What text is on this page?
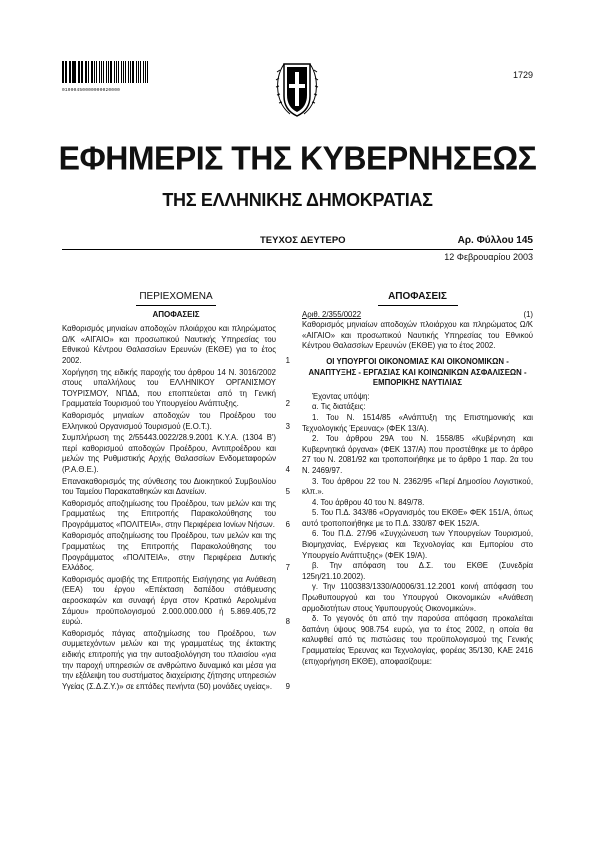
01000450000000020000
1729
ΕΦΗΜΕΡΙΣ ΤΗΣ ΚΥΒΕΡΝΗΣΕΩΣ
ΤΗΣ ΕΛΛΗΝΙΚΗΣ ΔΗΜΟΚΡΑΤΙΑΣ
ΤΕΥΧΟΣ ΔΕΥΤΕΡΟ	Αρ. Φύλλου 145
12 Φεβρουαρίου 2003
ΠΕΡΙΕΧΟΜΕΝΑ
ΑΠΟΦΑΣΕΙΣ
Καθορισμός μηνιαίων αποδοχών πλοιάρχου και πληρώματος Ω/Κ «ΑΙΓΑΙΟ» και προσωπικού Ναυτικής Υπηρεσίας του Εθνικού Κέντρου Θαλασσίων Ερευνών (ΕΚΘΕ) για το έτος 2002.	1
Χορήγηση της ειδικής παροχής του άρθρου 14 Ν. 3016/2002 στους υπαλλήλους του ΕΛΛΗΝΙΚΟΥ ΟΡΓΑΝΙΣΜΟΥ ΤΟΥΡΙΣΜΟΥ, ΝΠΔΔ, που εποπτεύεται από τη Γενική Γραμματεία Τουρισμού του Υπουργείου Ανάπτυξης.	2
Καθορισμός μηνιαίων αποδοχών του Προέδρου του Ελληνικού Οργανισμού Τουρισμού (Ε.Ο.Τ.).	3
Συμπλήρωση της 2/55443.0022/28.9.2001 Κ.Υ.Α. (1304 Β') περί καθορισμού αποδοχών Προέδρου, Αντιπροέδρου και μελών της Ρυθμιστικής Αρχής Θαλασσίων Ενδομεταφορών (Ρ.Α.Θ.Ε.).	4
Επανακαθορισμός της σύνθεσης του Διοικητικού Συμβουλίου του Ταμείου Παρακαταθηκών και Δανείων.	5
Καθορισμός αποζημίωσης του Προέδρου, των μελών και της Γραμματέως της Επιτροπής Παρακολούθησης του Προγράμματος «ΠΟΛΙΤΕΙΑ», στην Περιφέρεια Ιονίων Νήσων.	6
Καθορισμός αποζημίωσης του Προέδρου, των μελών και της Γραμματέως της Επιτροπής Παρακολούθησης του Προγράμματος «ΠΟΛΙΤΕΙΑ», στην Περιφέρεια Δυτικής Ελλάδος.	7
Καθορισμός αμοιβής της Επιτροπής Εισήγησης για Ανάθεση (ΕΕΑ) του έργου «Επέκταση δαπέδου στάθμευσης αεροσκαφών και συναφή έργα στον Κρατικό Αερολιμένα Σάμου» προϋπολογισμού 2.000.000.000 ή 5.869.405,72 ευρώ.	8
Καθορισμός πάγιας αποζημίωσης του Προέδρου, των συμμετεχόντων μελών και της γραμματέως της έκτακτης ειδικής επιτροπής για την αυτοαξιολόγηση του πλαισίου «για την παροχή υπηρεσιών σε ανθρώπινο δυναμικό και μέσα για την εξάλειψη του συστήματος διαχείρισης ζήτησης υπηρεσιών Υγείας (Σ.Δ.Ζ.Υ.)» σε επτάδες πενήντα (50) μονάδες υγείας».	9
ΑΠΟΦΑΣΕΙΣ
Αριθ. 2/355/0022	(1)

Καθορισμός μηνιαίων αποδοχών πλοιάρχου και πληρώματος Ω/Κ «ΑΙΓΑΙΟ» και προσωπικού Ναυτικής Υπηρεσίας του Εθνικού Κέντρου Θαλασσίων Ερευνών (ΕΚΘΕ) για το έτος 2002.

ΟΙ ΥΠΟΥΡΓΟΙ ΟΙΚΟΝΟΜΙΑΣ ΚΑΙ ΟΙΚΟΝΟΜΙΚΩΝ - ΑΝΑΠΤΥΞΗΣ - ΕΡΓΑΣΙΑΣ ΚΑΙ ΚΟΙΝΩΝΙΚΩΝ ΑΣΦΑΛΙΣΕΩΝ - ΕΜΠΟΡΙΚΗΣ ΝΑΥΤΙΛΙΑΣ

Έχοντας υπόψη:

α. Τις διατάξεις:

1. Του Ν. 1514/85 «Ανάπτυξη της Επιστημονικής και Τεχνολογικής Έρευνας» (ΦΕΚ 13/Α).

2. Του άρθρου 29Α του Ν. 1558/85 «Κυβέρνηση και Κυβερνητικά όργανα» (ΦΕΚ 137/Α) που προστέθηκε με το άρθρο 27 του Ν. 2081/92 και τροποποιήθηκε με το άρθρο 1 παρ. 2α του Ν. 2469/97.

3. Του άρθρου 22 του Ν. 2362/95 «Περί Δημοσίου Λογιστικού, κλπ.».

4. Του άρθρου 40 του Ν. 849/78.

5. Του Π.Δ. 343/86 «Οργανισμός του ΕΚΘΕ» ΦΕΚ 151/Α, όπως αυτό τροποποιήθηκε με το Π.Δ. 330/87 ΦΕΚ 152/Α.

6. Του Π.Δ. 27/96 «Συγχώνευση των Υπουργείων Τουρισμού, Βιομηχανίας, Ενέργειας και Τεχνολογίας και Εμπορίου στο Υπουργείο Ανάπτυξης» (ΦΕΚ 19/Α).

β. Την απόφαση του Δ.Σ. του ΕΚΘΕ (Συνεδρία 125η/21.10.2002).

γ. Την 1100383/1330/Α0006/31.12.2001 κοινή απόφαση του Πρωθυπουργού και του Υπουργού Οικονομικών «Ανάθεση αρμοδιοτήτων στους Υφυπουργούς Οικονομικών».

δ. Το γεγονός ότι από την παρούσα απόφαση προκαλείται δαπάνη ύψους 908.754 ευρώ, για το έτος 2002, η οποία θα καλυφθεί από τις πιστώσεις του προϋπολογισμού της Γενικής Γραμματείας Έρευνας και Τεχνολογίας, φορέας 35/130, ΚΑΕ 2416 (επιχορήγηση ΕΚΘΕ), αποφασίζουμε:
